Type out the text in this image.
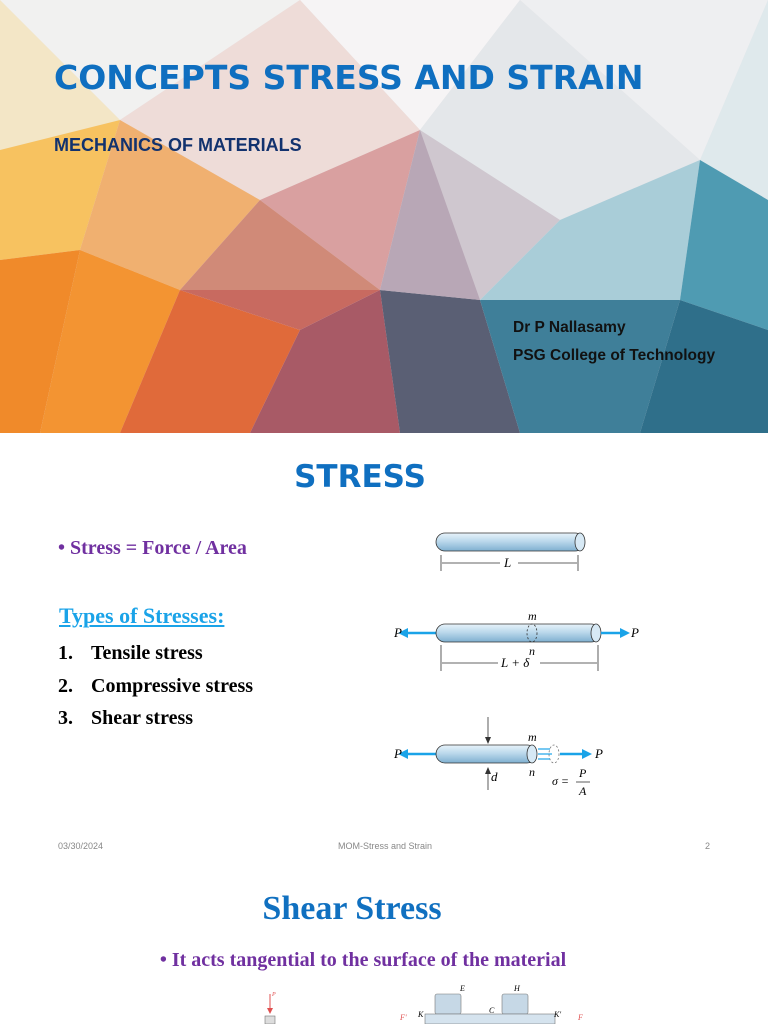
CONCEPTS STRESS AND STRAIN
MECHANICS OF MATERIALS
Dr P Nallasamy
PSG College of Technology
STRESS
• Stress = Force / Area
Types of Stresses:
1. Tensile stress
2. Compressive stress
3. Shear stress
L
P	P
m
n
L + δ
d
P	P
m
n
σ =
P
A
03/30/2024	MOM-Stress and Strain	2
Shear Stress
• It acts tangential to the surface of the material
P
F' K
E	H
C	K' F
